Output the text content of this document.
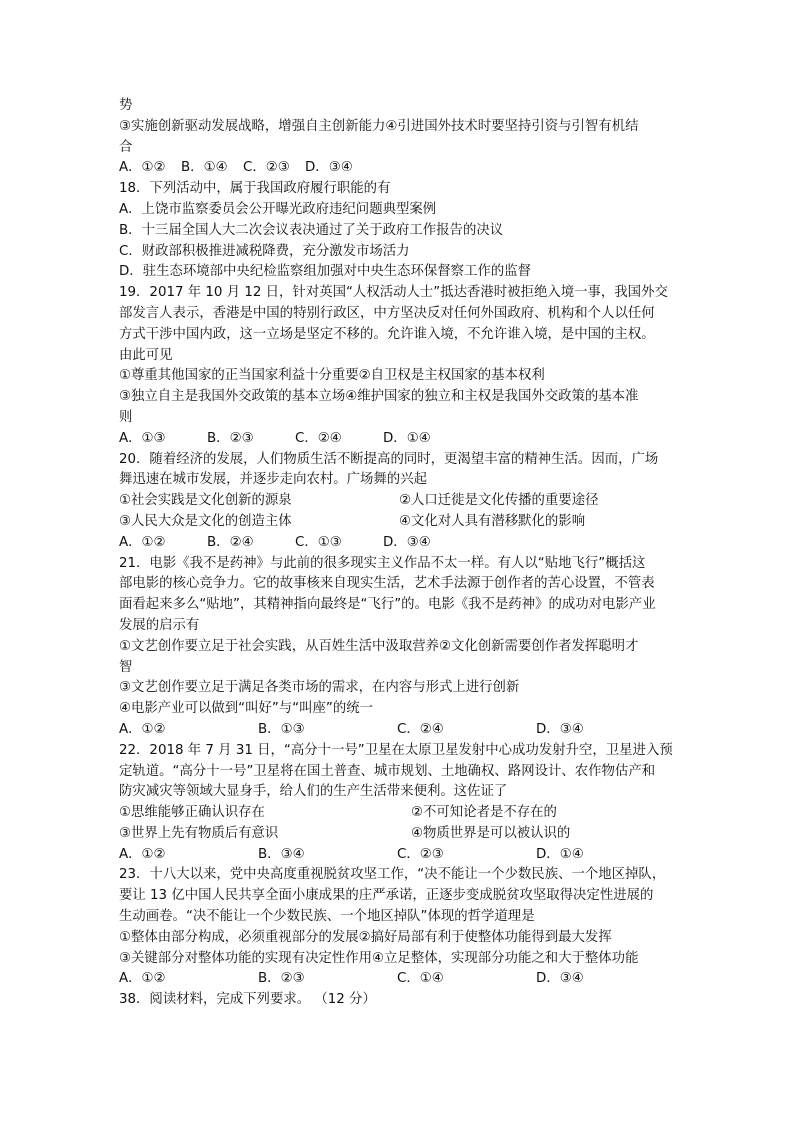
势
③实施创新驱动发展战略，增强自主创新能力④引进国外技术时要坚持引资与引智有机结
合
A．①②	B．①④	C．②③	D．③④
18．下列活动中，属于我国政府履行职能的有
A．上饶市监察委员会公开曝光政府违纪问题典型案例
B．十三届全国人大二次会议表决通过了关于政府工作报告的决议
C．财政部积极推进减税降费，充分激发市场活力
D．驻生态环境部中央纪检监察组加强对中央生态环保督察工作的监督
19．2017 年 10 月 12 日，针对英国“人权活动人士”抵达香港时被拒绝入境一事，我国外交
部发言人表示，香港是中国的特别行政区，中方坚决反对任何外国政府、机构和个人以任何
方式干涉中国内政，这一立场是坚定不移的。允许谁入境，不允许谁入境，是中国的主权。
由此可见
①尊重其他国家的正当国家利益十分重要②自卫权是主权国家的基本权利
③独立自主是我国外交政策的基本立场④维护国家的独立和主权是我国外交政策的基本准
则
A．①③	B．②③	C．②④	D．①④
20．随着经济的发展，人们物质生活不断提高的同时，更渴望丰富的精神生活。因而，广场
舞迅速在城市发展，并逐步走向农村。广场舞的兴起
①社会实践是文化创新的源泉	②人口迁徙是文化传播的重要途径
③人民大众是文化的创造主体	④文化对人具有潜移默化的影响
A．①②	B．②④	C．①③	D．③④
21．电影《我不是药神》与此前的很多现实主义作品不太一样。有人以“贴地飞行”概括这
部电影的核心竞争力。它的故事核来自现实生活，艺术手法源于创作者的苦心设置，不管表
面看起来多么“贴地”，其精神指向最终是“飞行”的。电影《我不是药神》的成功对电影产业
发展的启示有
①文艺创作要立足于社会实践，从百姓生活中汲取营养②文化创新需要创作者发挥聪明才
智
③文艺创作要立足于满足各类市场的需求，在内容与形式上进行创新
④电影产业可以做到“叫好”与“叫座”的统一
A．①②	B．①③	C．②④	D．③④
22．2018 年 7 月 31 日，“高分十一号”卫星在太原卫星发射中心成功发射升空，卫星进入预
定轨道。“高分十一号”卫星将在国土普查、城市规划、土地确权、路网设计、农作物估产和
防灾减灾等领域大显身手，给人们的生产生活带来便利。这佐证了
①思维能够正确认识存在	②不可知论者是不存在的
③世界上先有物质后有意识	④物质世界是可以被认识的
A．①②	B．③④	C．②③	D．①④
23．十八大以来，党中央高度重视脱贫攻坚工作，“决不能让一个少数民族、一个地区掉队，
要让 13 亿中国人民共享全面小康成果的庄严承诺，正逐步变成脱贫攻坚取得决定性进展的
生动画卷。“决不能让一个少数民族、一个地区掉队”体现的哲学道理是
①整体由部分构成，必须重视部分的发展②搞好局部有利于使整体功能得到最大发挥
③关键部分对整体功能的实现有决定性作用④立足整体，实现部分功能之和大于整体功能
A．①②	B．②③	C．①④	D．③④
38．阅读材料，完成下列要求。 （12 分）
